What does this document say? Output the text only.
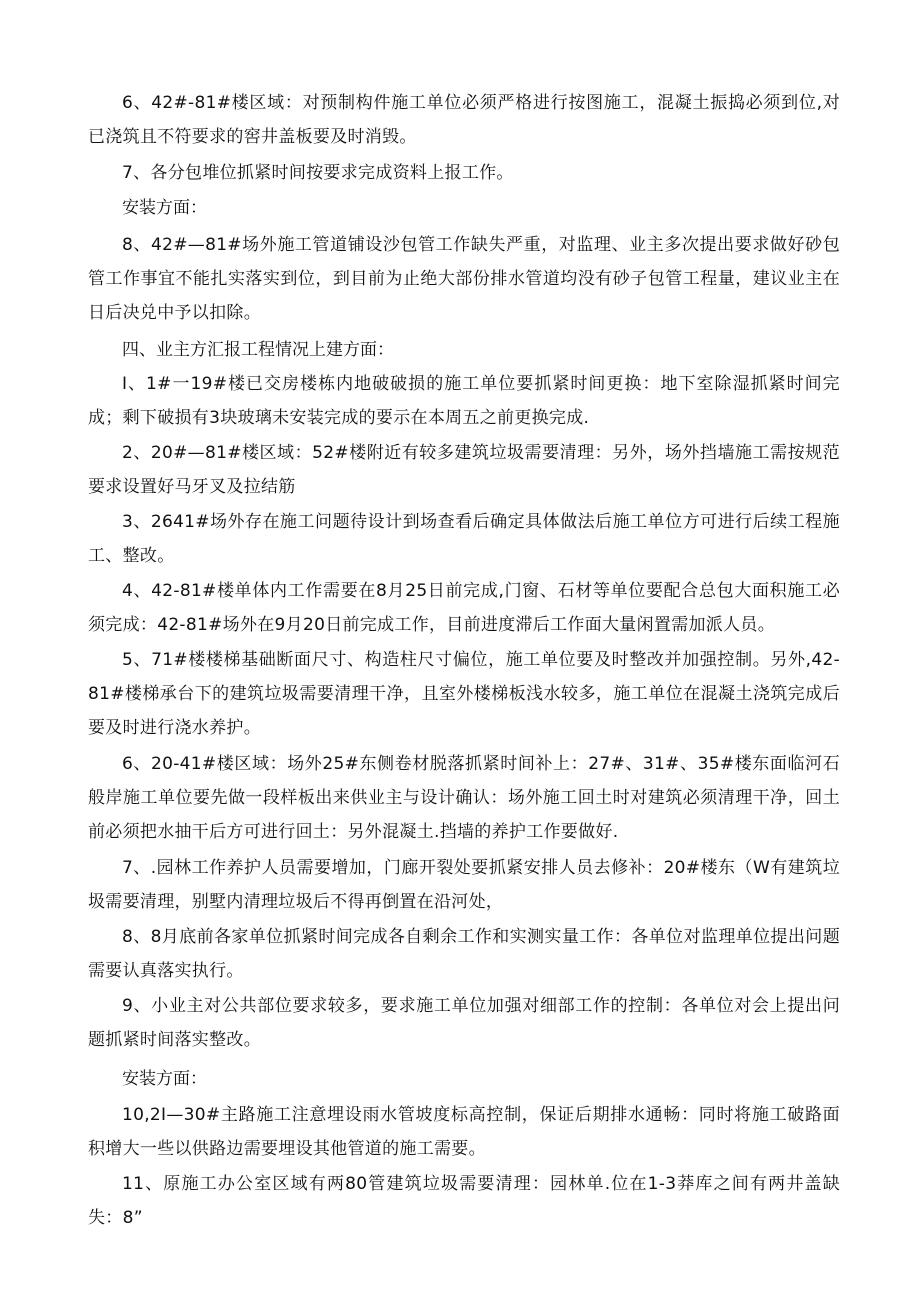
6、42#-81#楼区域：对预制构件施工单位必须严格进行按图施工，混凝土振捣必须到位,对已浇筑且不符要求的窖井盖板要及时消毁。

7、各分包堆位抓紧时间按要求完成资料上报工作。

安装方面：

8、42#—81#场外施工管道铺设沙包管工作缺失严重，对监理、业主多次提出要求做好砂包管工作事宜不能扎实落实到位，到目前为止绝大部份排水管道均没有砂子包管工程量，建议业主在日后决兑中予以扣除。

四、业主方汇报工程情况上建方面：

I、1#一19#楼已交房楼栋内地破破损的施工单位要抓紧时间更换：地下室除湿抓紧时间完成；剩下破损有3块玻璃未安装完成的要示在本周五之前更换完成.

2、20#—81#楼区域：52#楼附近有较多建筑垃圾需要清理：另外，场外挡墙施工需按规范要求设置好马牙叉及拉结筋

3、2641#场外存在施工问题待设计到场查看后确定具体做法后施工单位方可进行后续工程施工、整改。

4、42-81#楼单体内工作需要在8月25日前完成,门窗、石材等单位要配合总包大面积施工必须完成：42-81#场外在9月20日前完成工作，目前进度滞后工作面大量闲置需加派人员。

5、71#楼楼梯基础断面尺寸、构造柱尺寸偏位，施工单位要及时整改并加强控制。另外,42-81#楼梯承台下的建筑垃圾需要清理干净，且室外楼梯板浅水较多，施工单位在混凝土浇筑完成后要及时进行浇水养护。

6、20-41#楼区域：场外25#东侧卷材脱落抓紧时间补上：27#、31#、35#楼东面临河石般岸施工单位要先做一段样板出来供业主与设计确认：场外施工回土时对建筑必须清理干净，回土前必须把水抽干后方可进行回土：另外混凝土.挡墙的养护工作要做好.

7、.园林工作养护人员需要增加，门廊开裂处要抓紧安排人员去修补：20#楼东（W有建筑垃圾需要清理，别墅内清理垃圾后不得再倒置在沿河处，

8、8月底前各家单位抓紧时间完成各自剩余工作和实测实量工作：各单位对监理单位提出问题需要认真落实执行。

9、小业主对公共部位要求较多，要求施工单位加强对细部工作的控制：各单位对会上提出问题抓紧时间落实整改。

安装方面：

10,2I—30#主路施工注意埋设雨水管坡度标高控制，保证后期排水通畅：同时将施工破路面积增大一些以供路边需要埋设其他管道的施工需要。

11、原施工办公室区域有两80管建筑垃圾需要清理：园林单.位在1-3莽库之间有两井盖缺失：8”
